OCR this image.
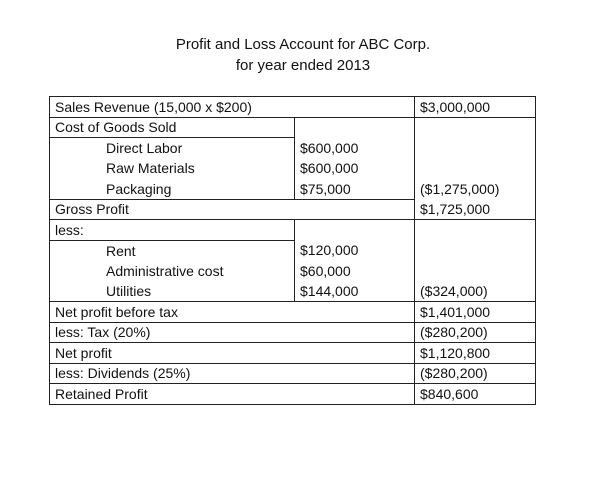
Profit and Loss Account for ABC Corp.
for year ended 2013
Sales Revenue (15,000 x $200)		$3,000,000
Cost of Goods Sold		
Direct Labor	$600,000	
Raw Materials	$600,000	
Packaging	$75,000	($1,275,000)
Gross Profit		$1,725,000
less:		
Rent	$120,000	
Administrative cost	$60,000	
Utilities	$144,000	($324,000)
Net profit before tax		$1,401,000
less: Tax (20%)		($280,200)
Net profit		$1,120,800
less: Dividends (25%)		($280,200)
Retained Profit		$840,600
